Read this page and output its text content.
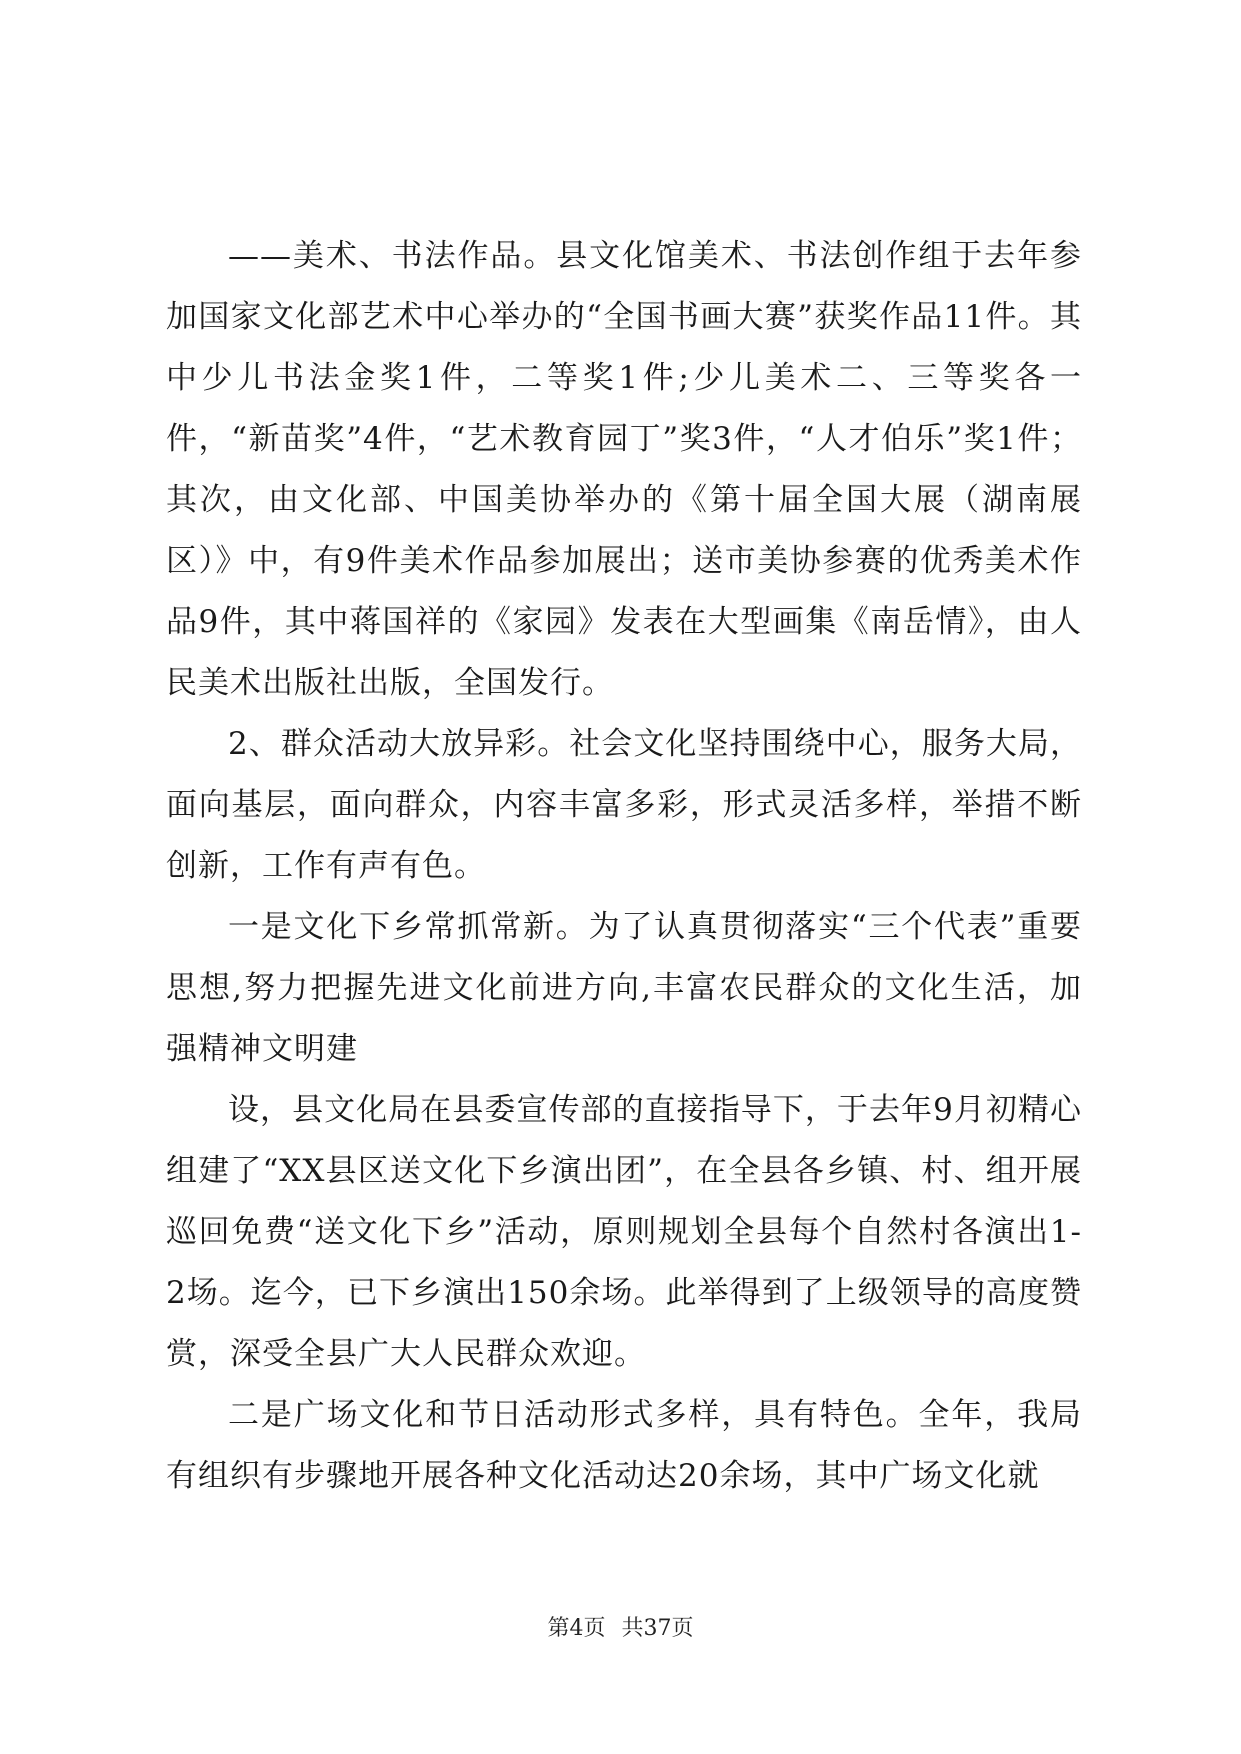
——美术、书法作品。县文化馆美术、书法创作组于去年参加国家文化部艺术中心举办的“全国书画大赛”获奖作品11件。其中少儿书法金奖1件，二等奖1件;少儿美术二、三等奖各一件，“新苗奖”4件，“艺术教育园丁”奖3件，“人才伯乐”奖1件；其次，由文化部、中国美协举办的《第十届全国大展（湖南展区）》中，有9件美术作品参加展出；送市美协参赛的优秀美术作品9件，其中蒋国祥的《家园》发表在大型画集《南岳情》，由人民美术出版社出版，全国发行。

2、群众活动大放异彩。社会文化坚持围绕中心，服务大局，面向基层，面向群众，内容丰富多彩，形式灵活多样，举措不断创新，工作有声有色。

一是文化下乡常抓常新。为了认真贯彻落实“三个代表”重要思想,努力把握先进文化前进方向,丰富农民群众的文化生活，加强精神文明建

设，县文化局在县委宣传部的直接指导下，于去年9月初精心组建了“XX县区送文化下乡演出团”，在全县各乡镇、村、组开展巡回免费“送文化下乡”活动，原则规划全县每个自然村各演出1-2场。迄今，已下乡演出150余场。此举得到了上级领导的高度赞赏，深受全县广大人民群众欢迎。

二是广场文化和节日活动形式多样，具有特色。全年，我局有组织有步骤地开展各种文化活动达20余场，其中广场文化就

第4页 共37页
